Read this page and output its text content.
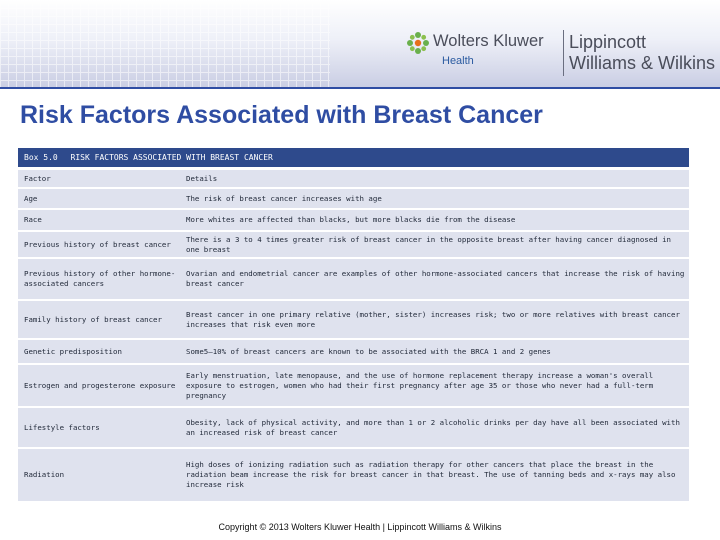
Wolters Kluwer
Health
Lippincott
Williams & Wilkins
Risk Factors Associated with Breast Cancer
Box 5.0 RISK FACTORS ASSOCIATED WITH BREAST CANCER
Factor	Details
Age	The risk of breast cancer increases with age
Race	More whites are affected than blacks, but more blacks die from the disease
Previous history of breast cancer	There is a 3 to 4 times greater risk of breast cancer in the opposite breast after having cancer diagnosed in one breast
Previous history of other hormone-associated cancers	Ovarian and endometrial cancer are examples of other hormone-associated cancers that increase the risk of having breast cancer
Family history of breast cancer	Breast cancer in one primary relative (mother, sister) increases risk; two or more relatives with breast cancer increases that risk even more
Genetic predisposition	Some5–10% of breast cancers are known to be associated with the BRCA 1 and 2 genes
Estrogen and progesterone exposure	Early menstruation, late menopause, and the use of hormone replacement therapy increase a woman's overall exposure to estrogen, women who had their first pregnancy after age 35 or those who never had a full-term pregnancy
Lifestyle factors	Obesity, lack of physical activity, and more than 1 or 2 alcoholic drinks per day have all been associated with an increased risk of breast cancer
Radiation	High doses of ionizing radiation such as radiation therapy for other cancers that place the breast in the radiation beam increase the risk for breast cancer in that breast. The use of tanning beds and x-rays may also increase risk
Copyright © 2013 Wolters Kluwer Health | Lippincott Williams & Wilkins
